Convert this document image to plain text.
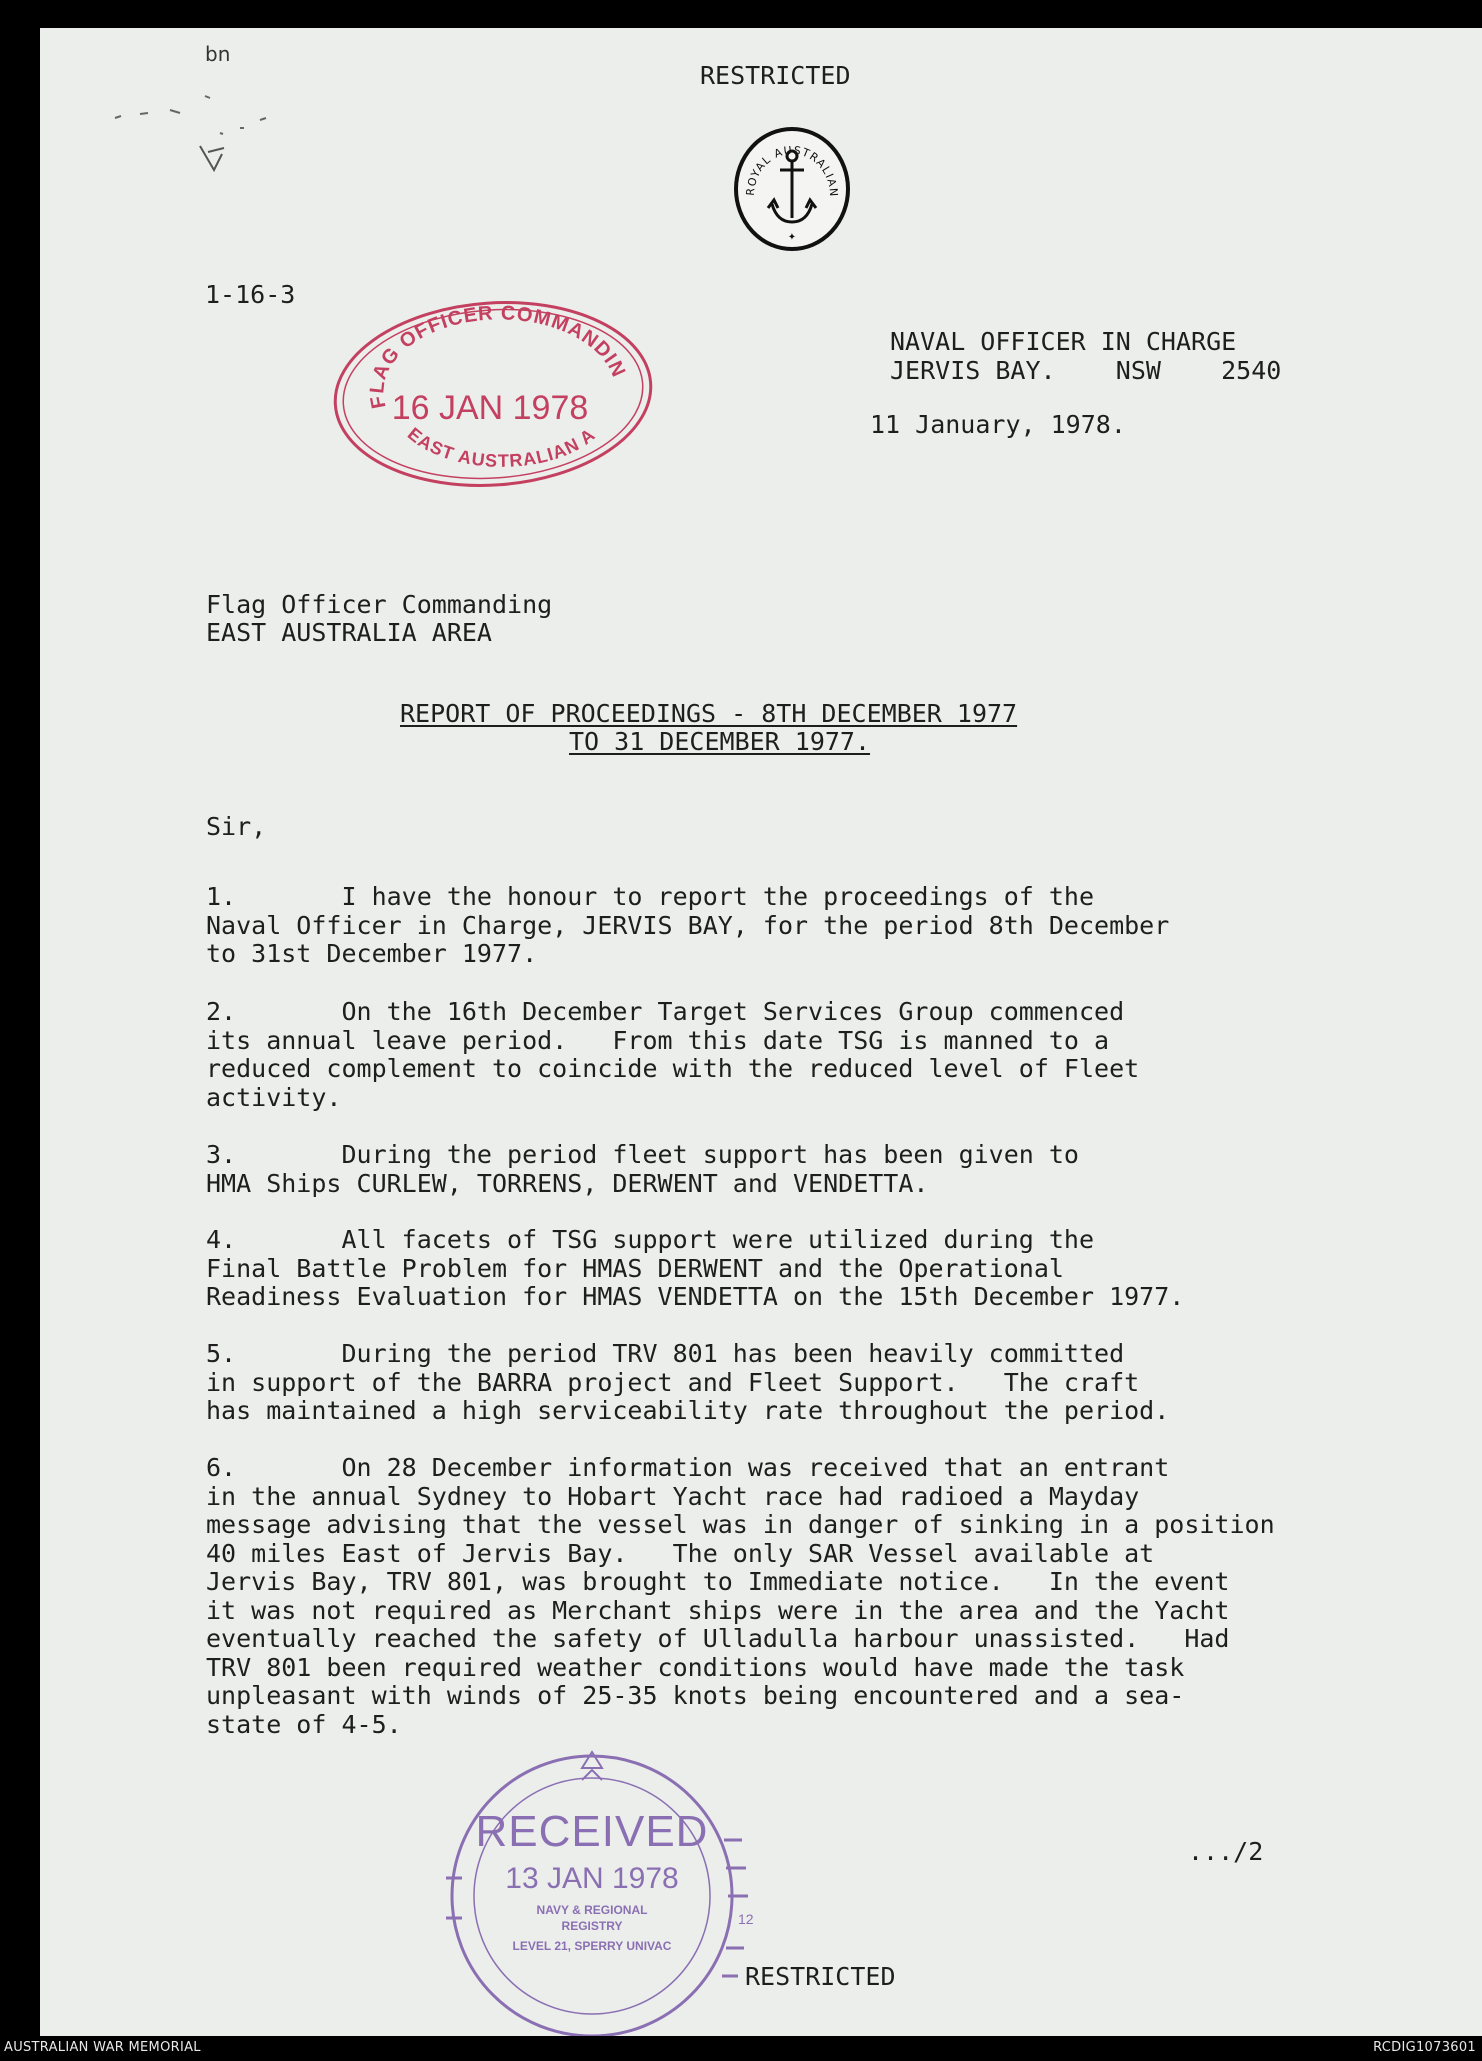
bn
RESTRICTED
ROYAL AUSTRALIAN
✦
1-16-3
FLAG OFFICER COMMANDIN
16 JAN 1978
EAST AUSTRALIAN A
NAVAL OFFICER IN CHARGE
JERVIS BAY.    NSW    2540
11 January, 1978.
Flag Officer Commanding
EAST AUSTRALIA AREA
REPORT OF PROCEEDINGS - 8TH DECEMBER 1977
TO 31 DECEMBER 1977.
Sir,
1.       I have the honour to report the proceedings of the
Naval Officer in Charge, JERVIS BAY, for the period 8th December
to 31st December 1977.
2.       On the 16th December Target Services Group commenced
its annual leave period.   From this date TSG is manned to a
reduced complement to coincide with the reduced level of Fleet
activity.
3.       During the period fleet support has been given to
HMA Ships CURLEW, TORRENS, DERWENT and VENDETTA.
4.       All facets of TSG support were utilized during the
Final Battle Problem for HMAS DERWENT and the Operational
Readiness Evaluation for HMAS VENDETTA on the 15th December 1977.
5.       During the period TRV 801 has been heavily committed
in support of the BARRA project and Fleet Support.   The craft
has maintained a high serviceability rate throughout the period.
6.       On 28 December information was received that an entrant
in the annual Sydney to Hobart Yacht race had radioed a Mayday
message advising that the vessel was in danger of sinking in a position
40 miles East of Jervis Bay.   The only SAR Vessel available at
Jervis Bay, TRV 801, was brought to Immediate notice.   In the event
it was not required as Merchant ships were in the area and the Yacht
eventually reached the safety of Ulladulla harbour unassisted.   Had
TRV 801 been required weather conditions would have made the task
unpleasant with winds of 25-35 knots being encountered and a sea-
state of 4-5.
RECEIVED
13 JAN 1978
NAVY & REGIONAL
REGISTRY
LEVEL 21, SPERRY UNIVAC
12
.../2
RESTRICTED
AUSTRALIAN WAR MEMORIAL	RCDIG1073601
